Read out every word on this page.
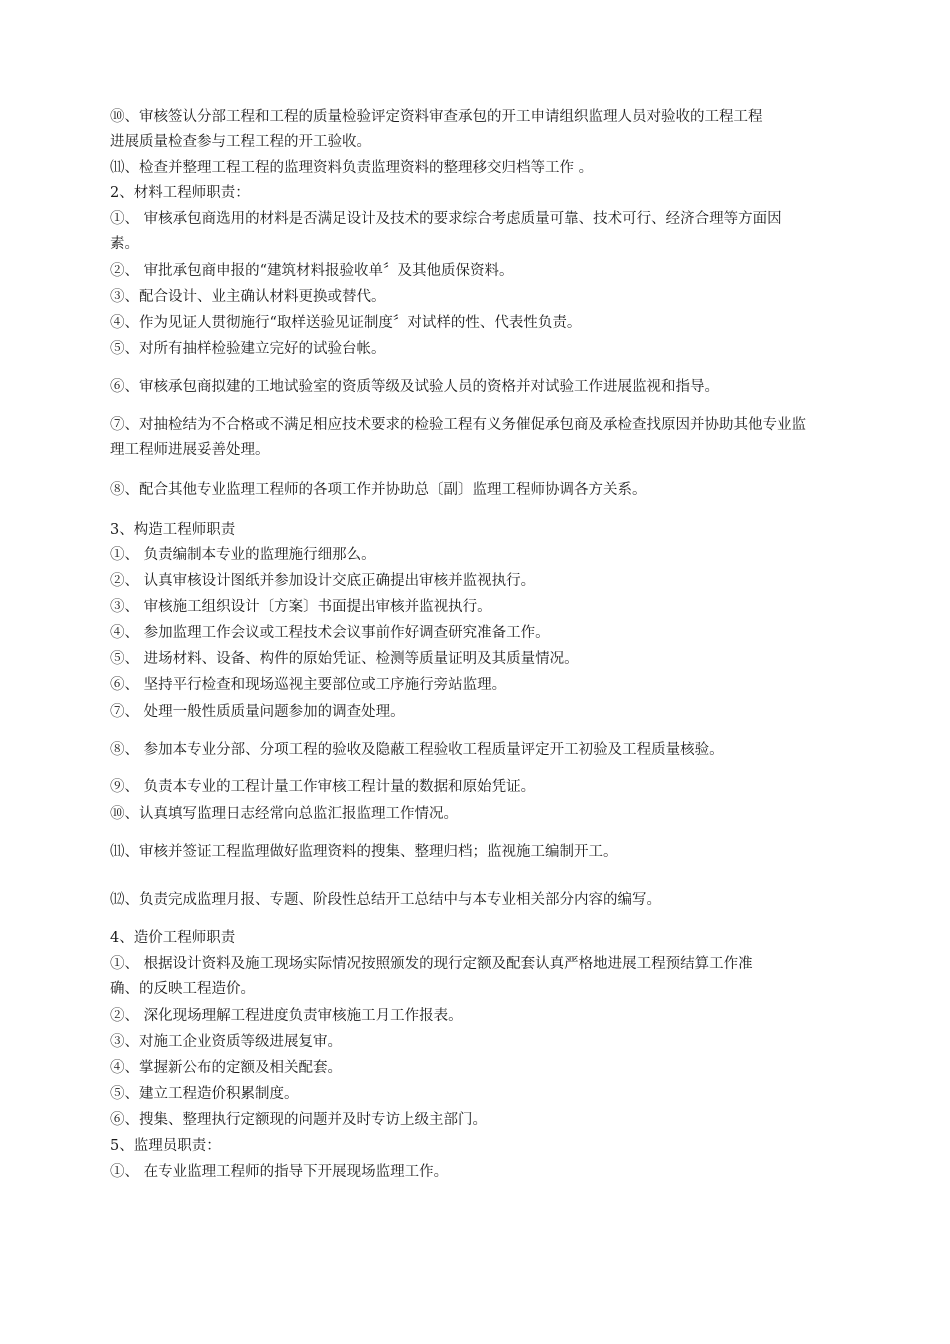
⑩、审核签认分部工程和工程的质量检验评定资料审查承包的开工申请组织监理人员对验收的工程工程
进展质量检查参与工程工程的开工验收。
⑾、检查并整理工程工程的监理资料负责监理资料的整理移交归档等工作 。
2、材料工程师职责：
①、 审核承包商选用的材料是否满足设计及技术的要求综合考虑质量可靠、技术可行、经济合理等方面因
素。
②、 审批承包商申报的“建筑材料报验收单〞及其他质保资料。
③、配合设计、业主确认材料更换或替代。
④、作为见证人贯彻施行“取样送验见证制度〞对试样的性、代表性负责。
⑤、对所有抽样检验建立完好的试验台帐。
⑥、审核承包商拟建的工地试验室的资质等级及试验人员的资格并对试验工作进展监视和指导。
⑦、对抽检结为不合格或不满足相应技术要求的检验工程有义务催促承包商及承检查找原因并协助其他专业监
理工程师进展妥善处理。
⑧、配合其他专业监理工程师的各项工作并协助总〔副〕监理工程师协调各方关系。
3、构造工程师职责
①、 负责编制本专业的监理施行细那么。
②、 认真审核设计图纸并参加设计交底正确提出审核并监视执行。
③、 审核施工组织设计〔方案〕书面提出审核并监视执行。
④、 参加监理工作会议或工程技术会议事前作好调查研究准备工作。
⑤、 进场材料、设备、构件的原始凭证、检测等质量证明及其质量情况。
⑥、 坚持平行检查和现场巡视主要部位或工序施行旁站监理。
⑦、 处理一般性质质量问题参加的调查处理。
⑧、 参加本专业分部、分项工程的验收及隐蔽工程验收工程质量评定开工初验及工程质量核验。
⑨、 负责本专业的工程计量工作审核工程计量的数据和原始凭证。
⑩、认真填写监理日志经常向总监汇报监理工作情况。
⑾、审核并签证工程监理做好监理资料的搜集、整理归档；监视施工编制开工。
⑿、负责完成监理月报、专题、阶段性总结开工总结中与本专业相关部分内容的编写。
4、造价工程师职责
①、 根据设计资料及施工现场实际情况按照颁发的现行定额及配套认真严格地进展工程预结算工作准
确、的反映工程造价。
②、 深化现场理解工程进度负责审核施工月工作报表。
③、对施工企业资质等级进展复审。
④、掌握新公布的定额及相关配套。
⑤、建立工程造价积累制度。
⑥、搜集、整理执行定额现的问题并及时专访上级主部门。
5、监理员职责：
①、 在专业监理工程师的指导下开展现场监理工作。
